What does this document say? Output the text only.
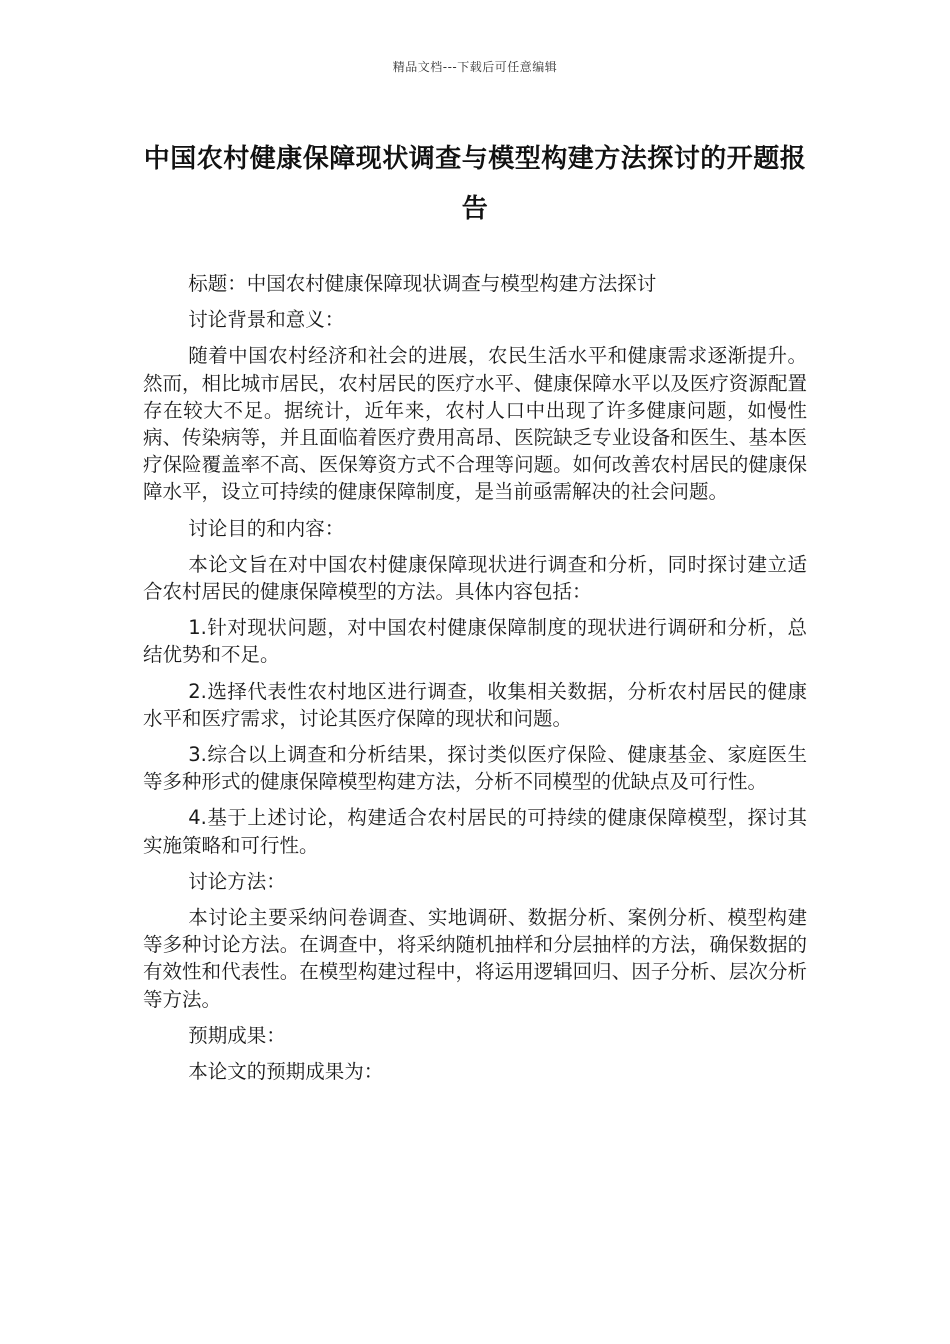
精品文档---下载后可任意编辑
中国农村健康保障现状调查与模型构建方法探讨的开题报告

标题：中国农村健康保障现状调查与模型构建方法探讨

讨论背景和意义：

随着中国农村经济和社会的进展，农民生活水平和健康需求逐渐提升。然而，相比城市居民，农村居民的医疗水平、健康保障水平以及医疗资源配置存在较大不足。据统计，近年来，农村人口中出现了许多健康问题，如慢性病、传染病等，并且面临着医疗费用高昂、医院缺乏专业设备和医生、基本医疗保险覆盖率不高、医保筹资方式不合理等问题。如何改善农村居民的健康保障水平，设立可持续的健康保障制度，是当前亟需解决的社会问题。

讨论目的和内容：

本论文旨在对中国农村健康保障现状进行调查和分析，同时探讨建立适合农村居民的健康保障模型的方法。具体内容包括：

1.针对现状问题，对中国农村健康保障制度的现状进行调研和分析，总结优势和不足。

2.选择代表性农村地区进行调查，收集相关数据，分析农村居民的健康水平和医疗需求，讨论其医疗保障的现状和问题。

3.综合以上调查和分析结果，探讨类似医疗保险、健康基金、家庭医生等多种形式的健康保障模型构建方法，分析不同模型的优缺点及可行性。

4.基于上述讨论，构建适合农村居民的可持续的健康保障模型，探讨其实施策略和可行性。

讨论方法：

本讨论主要采纳问卷调查、实地调研、数据分析、案例分析、模型构建等多种讨论方法。在调查中，将采纳随机抽样和分层抽样的方法，确保数据的有效性和代表性。在模型构建过程中，将运用逻辑回归、因子分析、层次分析等方法。

预期成果：

本论文的预期成果为：
